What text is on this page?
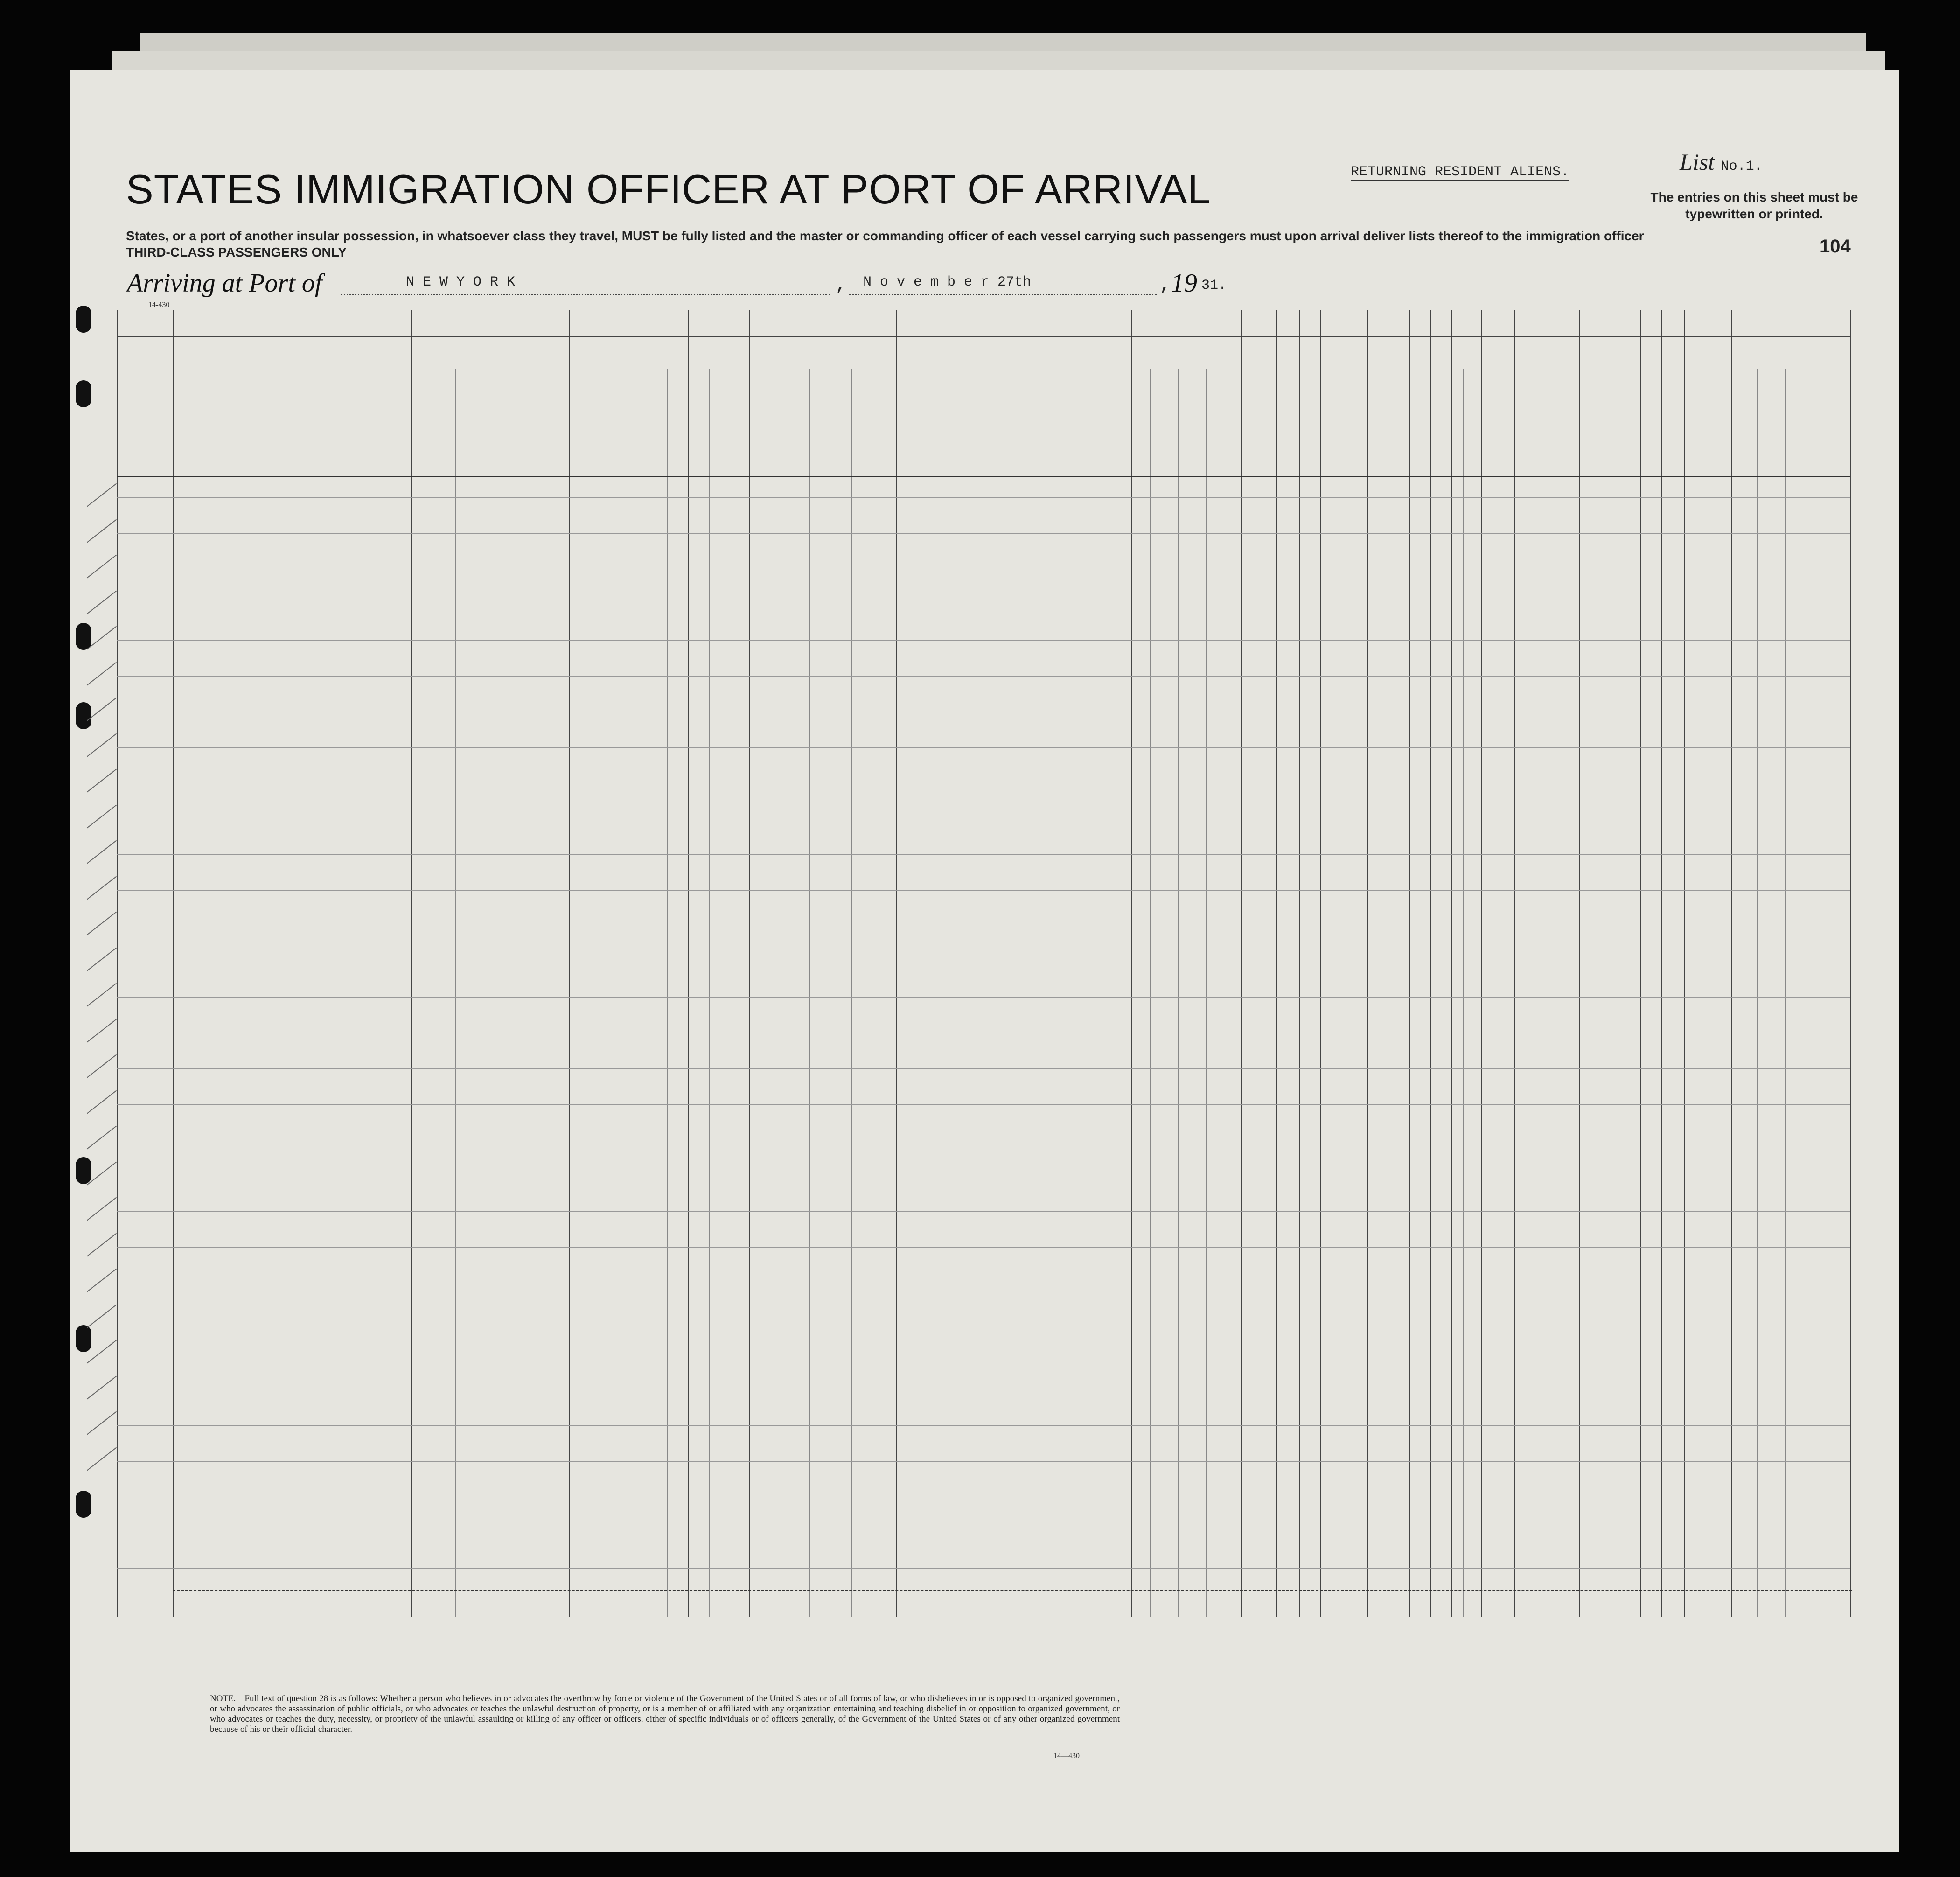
STATES IMMIGRATION OFFICER AT PORT OF ARRIVAL
States, or a port of another insular possession, in whatsoever class they travel, MUST be fully listed and the master or commanding officer of each vessel carrying such passengers must upon arrival deliver lists thereof to the immigration officer
THIRD-CLASS PASSENGERS ONLY
RETURNING RESIDENT ALIENS.	List No.1.
The entries on this sheet must be typewritten or printed.
104
Arriving at Port of	N E W Y O R K	, N o v e m b e r 27th	, 19 31.
14-430
NOTE.—Full text of question 28 is as follows: Whether a person who believes in or advocates the overthrow by force or violence of the Government of the United States or of all forms of law, or who disbelieves in or is opposed to organized government, or who advocates the assassination of public officials, or who advocates or teaches the unlawful destruction of property, or is a member of or affiliated with any organization entertaining and teaching disbelief in or opposition to organized government, or who advocates or teaches the duty, necessity, or propriety of the unlawful assaulting or killing of any officer or officers, either of specific individuals or of officers generally, of the Government of the United States or of any other organized government because of his or their official character.
14—430
